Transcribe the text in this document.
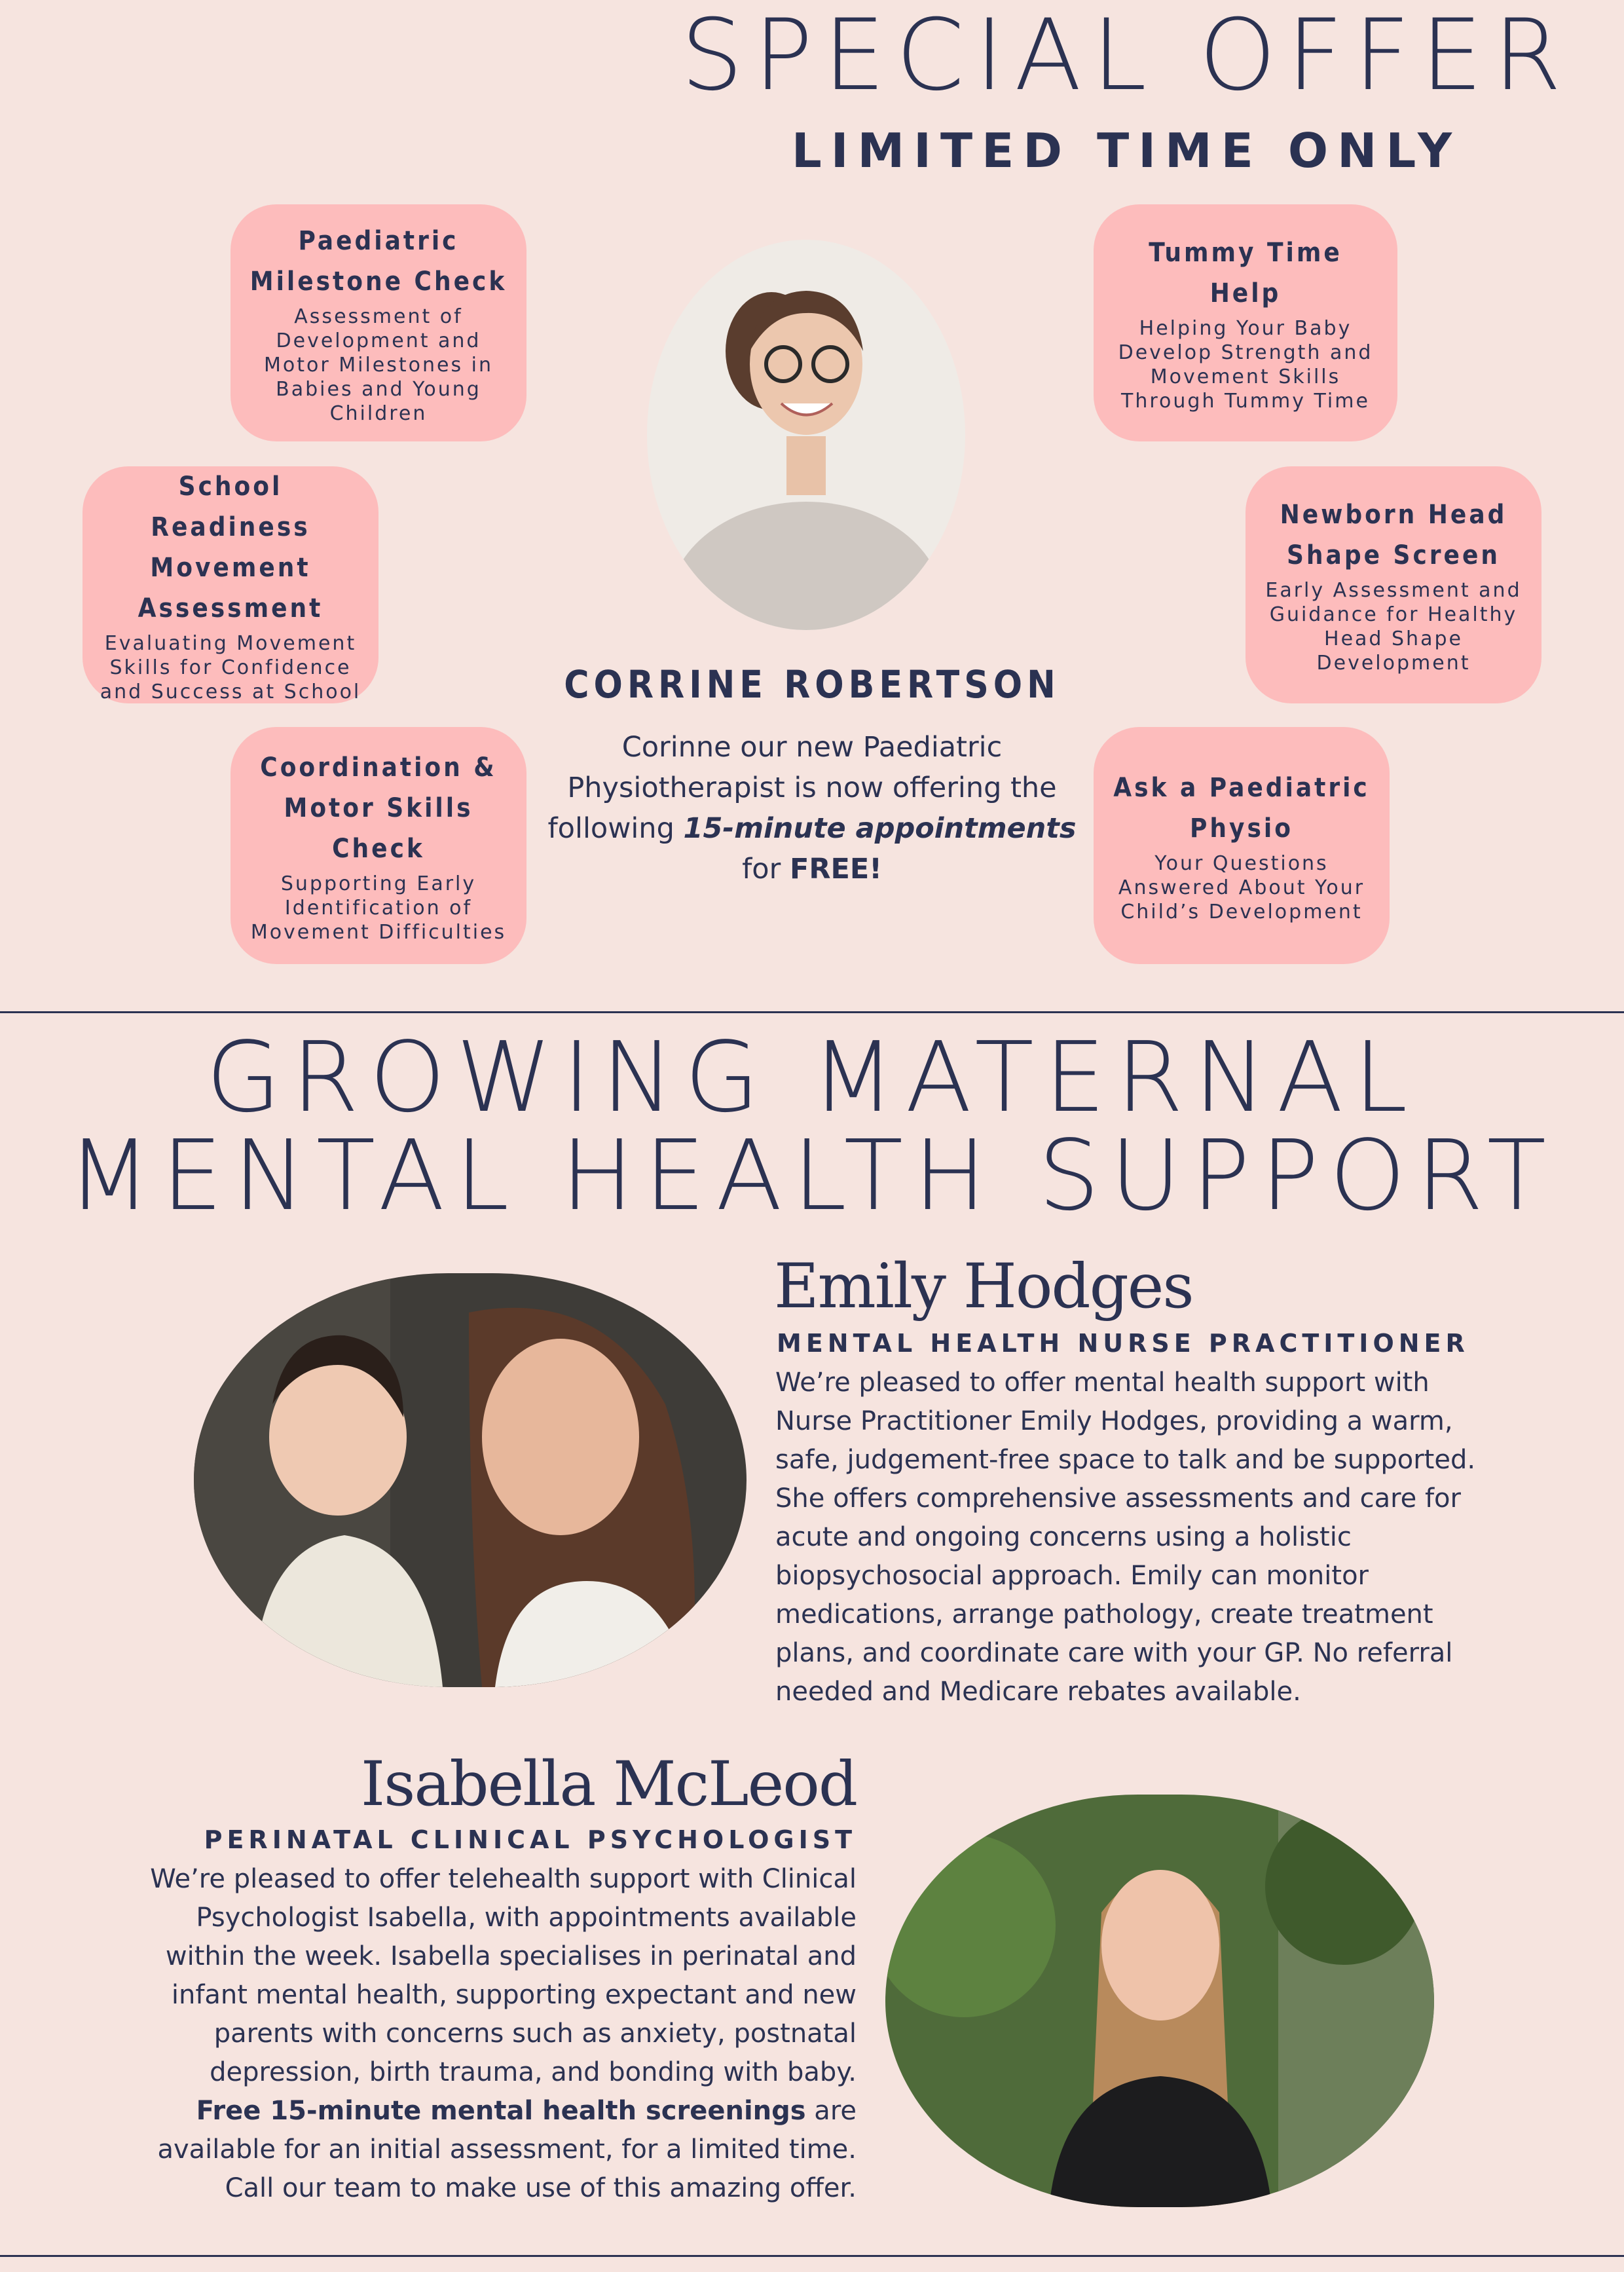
SPECIAL OFFER
LIMITED TIME ONLY
Paediatric Milestone Check
Assessment of Development and Motor Milestones in Babies and Young Children
Tummy Time Help
Helping Your Baby Develop Strength and Movement Skills Through Tummy Time
School Readiness Movement Assessment
Evaluating Movement Skills for Confidence and Success at School
Newborn Head Shape Screen
Early Assessment and Guidance for Healthy Head Shape Development
Coordination & Motor Skills Check
Supporting Early Identification of Movement Difficulties
Ask a Paediatric Physio
Your Questions Answered About Your Child’s Development
CORRINE ROBERTSON
Corinne our new Paediatric Physiotherapist is now offering the following 15-minute appointments for FREE!
GROWING MATERNAL
MENTAL HEALTH SUPPORT
Emily Hodges
MENTAL HEALTH NURSE PRACTITIONER
We’re pleased to offer mental health support with Nurse Practitioner Emily Hodges, providing a warm, safe, judgement-free space to talk and be supported. She offers comprehensive assessments and care for acute and ongoing concerns using a holistic biopsychosocial approach. Emily can monitor medications, arrange pathology, create treatment plans, and coordinate care with your GP. No referral needed and Medicare rebates available.
Isabella McLeod
PERINATAL CLINICAL PSYCHOLOGIST
We’re pleased to offer telehealth support with Clinical Psychologist Isabella, with appointments available within the week. Isabella specialises in perinatal and infant mental health, supporting expectant and new parents with concerns such as anxiety, postnatal depression, birth trauma, and bonding with baby. Free 15-minute mental health screenings are available for an initial assessment, for a limited time. Call our team to make use of this amazing offer.
